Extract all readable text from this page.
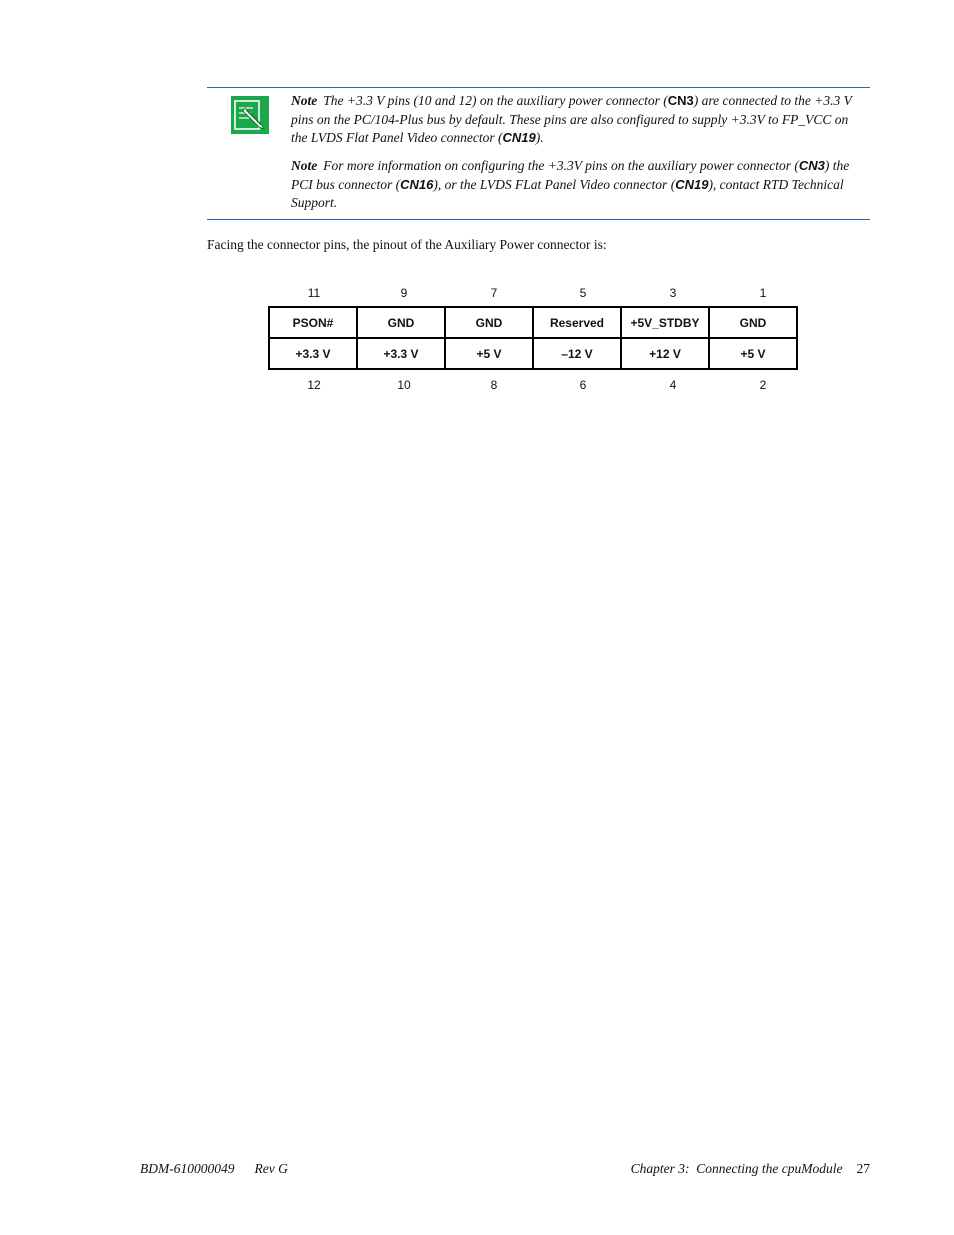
Note The +3.3 V pins (10 and 12) on the auxiliary power connector (CN3) are connected to the +3.3 V pins on the PC/104-Plus bus by default. These pins are also configured to supply +3.3V to FP_VCC on the LVDS Flat Panel Video connector (CN19).
Note For more information on configuring the +3.3V pins on the auxiliary power connector (CN3) the PCI bus connector (CN16), or the LVDS FLat Panel Video connector (CN19), contact RTD Technical Support.
Facing the connector pins, the pinout of the Auxiliary Power connector is:
11	9	7	5	3	1
PSON#	GND	GND	Reserved	+5V_STDBY	GND
+3.3 V	+3.3 V	+5 V	–12 V	+12 V	+5 V
12	10	8	6	4	2
BDM-610000049 Rev G	Chapter 3:  Connecting the cpuModule 27
